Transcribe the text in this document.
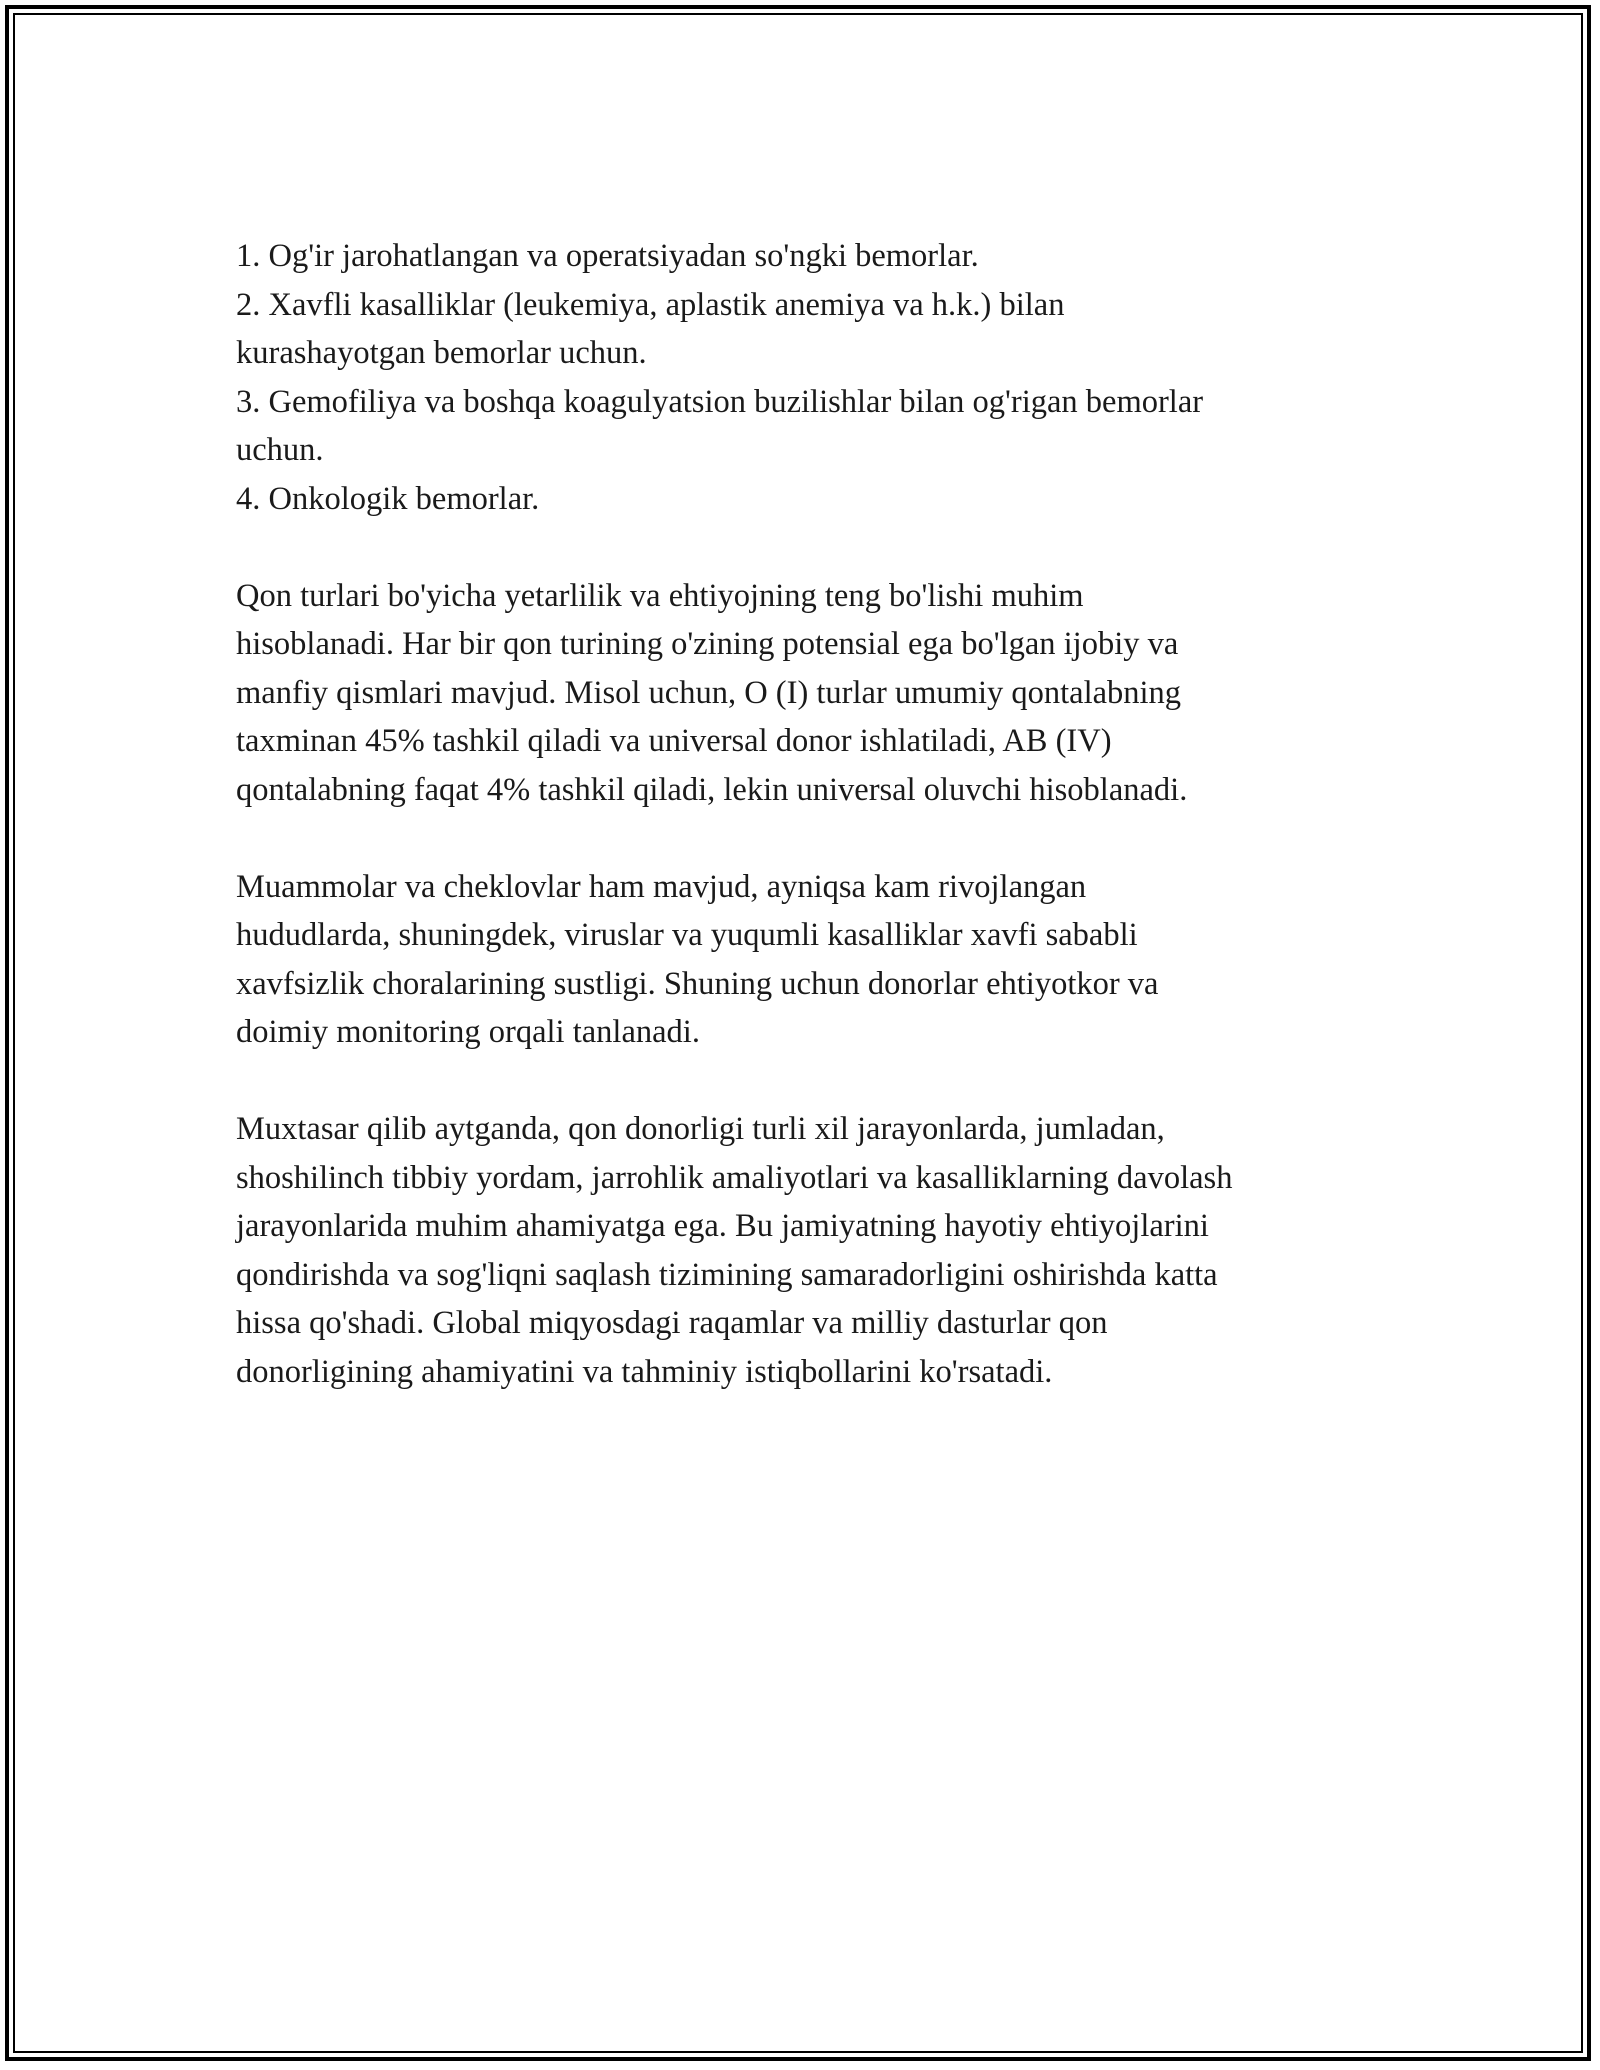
1. Og'ir jarohatlangan va operatsiyadan so'ngki bemorlar.
2. Xavfli kasalliklar (leukemiya, aplastik anemiya va h.k.) bilan
kurashayotgan bemorlar uchun.
3. Gemofiliya va boshqa koagulyatsion buzilishlar bilan og'rigan bemorlar
uchun.
4. Onkologik bemorlar.
Qon turlari bo'yicha yetarlilik va ehtiyojning teng bo'lishi muhim
hisoblanadi. Har bir qon turining o'zining potensial ega bo'lgan ijobiy va
manfiy qismlari mavjud. Misol uchun, O (I) turlar umumiy qontalabning
taxminan 45% tashkil qiladi va universal donor ishlatiladi, AB (IV)
qontalabning faqat 4% tashkil qiladi, lekin universal oluvchi hisoblanadi.
Muammolar va cheklovlar ham mavjud, ayniqsa kam rivojlangan
hududlarda, shuningdek, viruslar va yuqumli kasalliklar xavfi sababli
xavfsizlik choralarining sustligi. Shuning uchun donorlar ehtiyotkor va
doimiy monitoring orqali tanlanadi.
Muxtasar qilib aytganda, qon donorligi turli xil jarayonlarda, jumladan,
shoshilinch tibbiy yordam, jarrohlik amaliyotlari va kasalliklarning davolash
jarayonlarida muhim ahamiyatga ega. Bu jamiyatning hayotiy ehtiyojlarini
qondirishda va sog'liqni saqlash tizimining samaradorligini oshirishda katta
hissa qo'shadi. Global miqyosdagi raqamlar va milliy dasturlar qon
donorligining ahamiyatini va tahminiy istiqbollarini ko'rsatadi.
